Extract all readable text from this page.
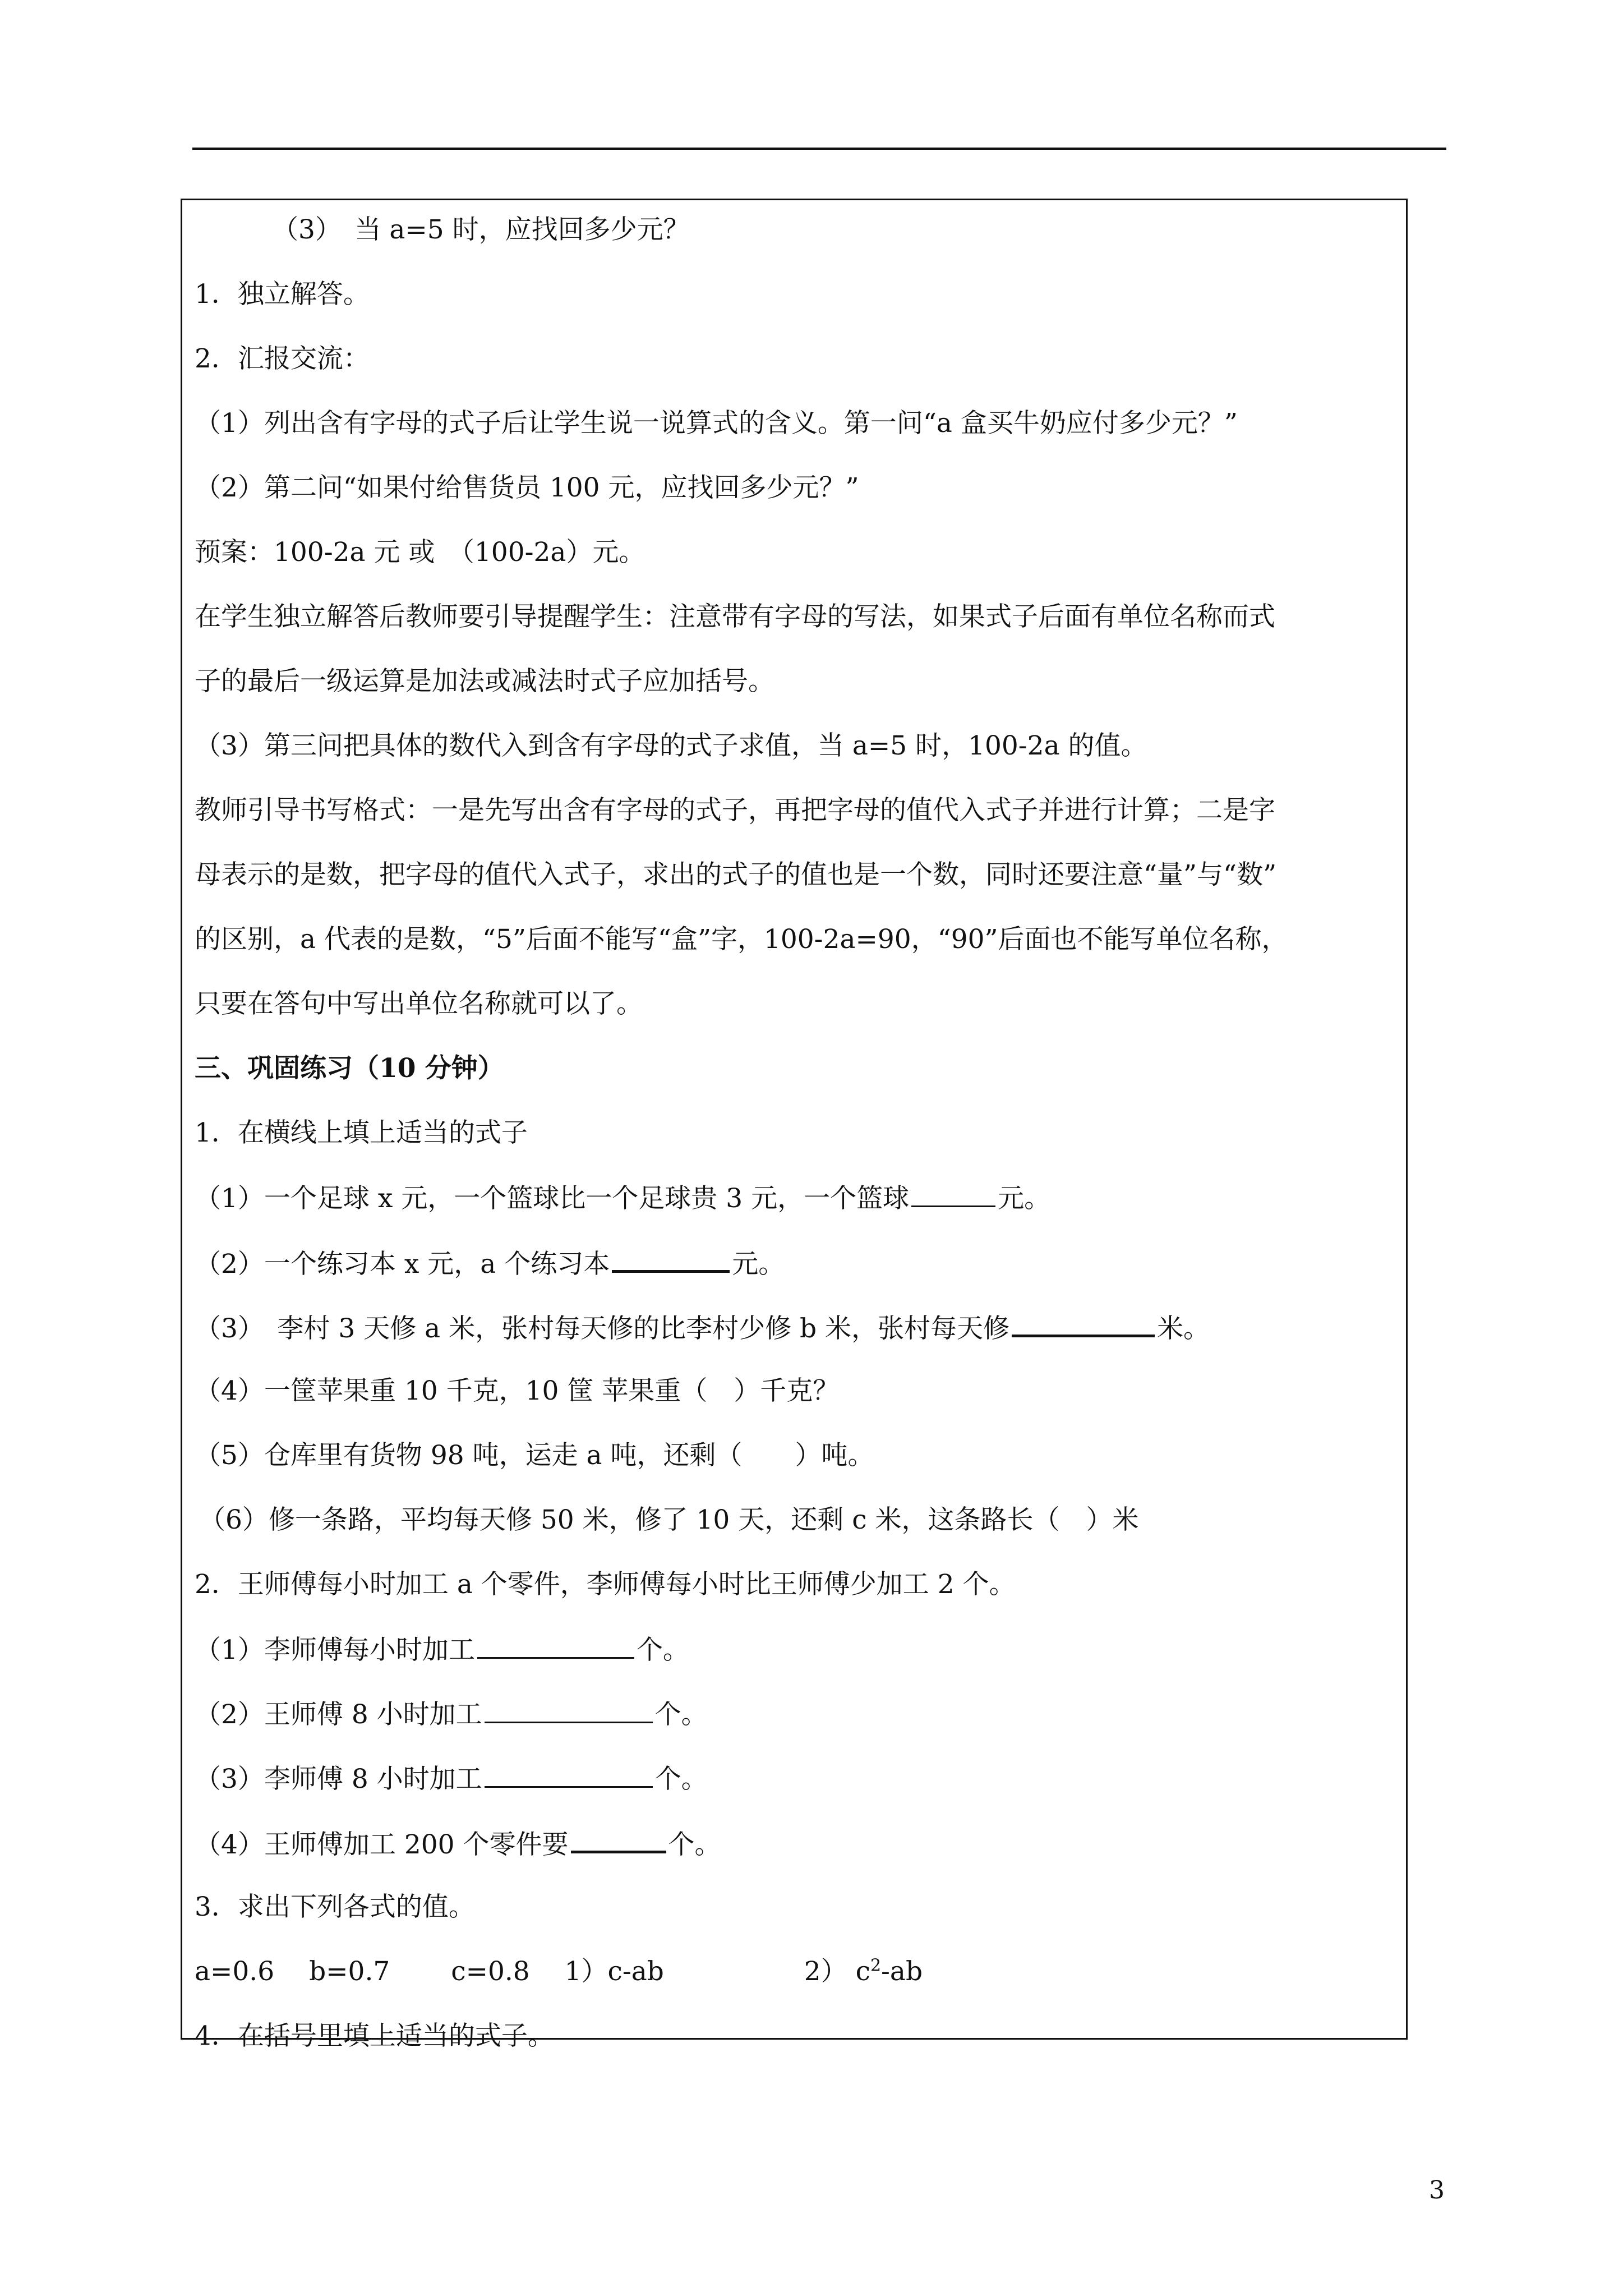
（3）　当 a=5 时，应找回多少元？
1．独立解答。
2．汇报交流：
（1）列出含有字母的式子后让学生说一说算式的含义。第一问“a 盒买牛奶应付多少元？”
（2）第二问“如果付给售货员 100 元，应找回多少元？”
预案：100-2a 元 或　（100-2a）元。
在学生独立解答后教师要引导提醒学生：注意带有字母的写法，如果式子后面有单位名称而式
子的最后一级运算是加法或减法时式子应加括号。
（3）第三问把具体的数代入到含有字母的式子求值，当 a=5 时，100-2a 的值。
教师引导书写格式：一是先写出含有字母的式子，再把字母的值代入式子并进行计算；二是字
母表示的是数，把字母的值代入式子，求出的式子的值也是一个数，同时还要注意“量”与“数”
的区别，a 代表的是数，“5”后面不能写“盒”字，100-2a=90，“90”后面也不能写单位名称，
只要在答句中写出单位名称就可以了。
三、巩固练习（10 分钟）
1．在横线上填上适当的式子
（1）一个足球 x 元，一个篮球比一个足球贵 3 元，一个篮球	元。
（2）一个练习本 x 元，a 个练习本	元。
（3）　李村 3 天修 a 米，张村每天修的比李村少修 b 米，张村每天修	米。
（4）一筐苹果重 10 千克，10 筐 苹果重（　）千克？
（5）仓库里有货物 98 吨，运走 a 吨，还剩（　　）吨。
（6）修一条路，平均每天修 50 米，修了 10 天，还剩 c 米，这条路长（　）米
2．王师傅每小时加工 a 个零件，李师傅每小时比王师傅少加工 2 个。
（1）李师傅每小时加工	个。
（2）王师傅 8 小时加工	个。
（3）李师傅 8 小时加工	个。
（4）王师傅加工 200 个零件要	个。
3．求出下列各式的值。
a=0.6　 b=0.7　　 c=0.8　 1）c-ab　　　　　 2） $c^2-ab$
4．在括号里填上适当的式子。
3
